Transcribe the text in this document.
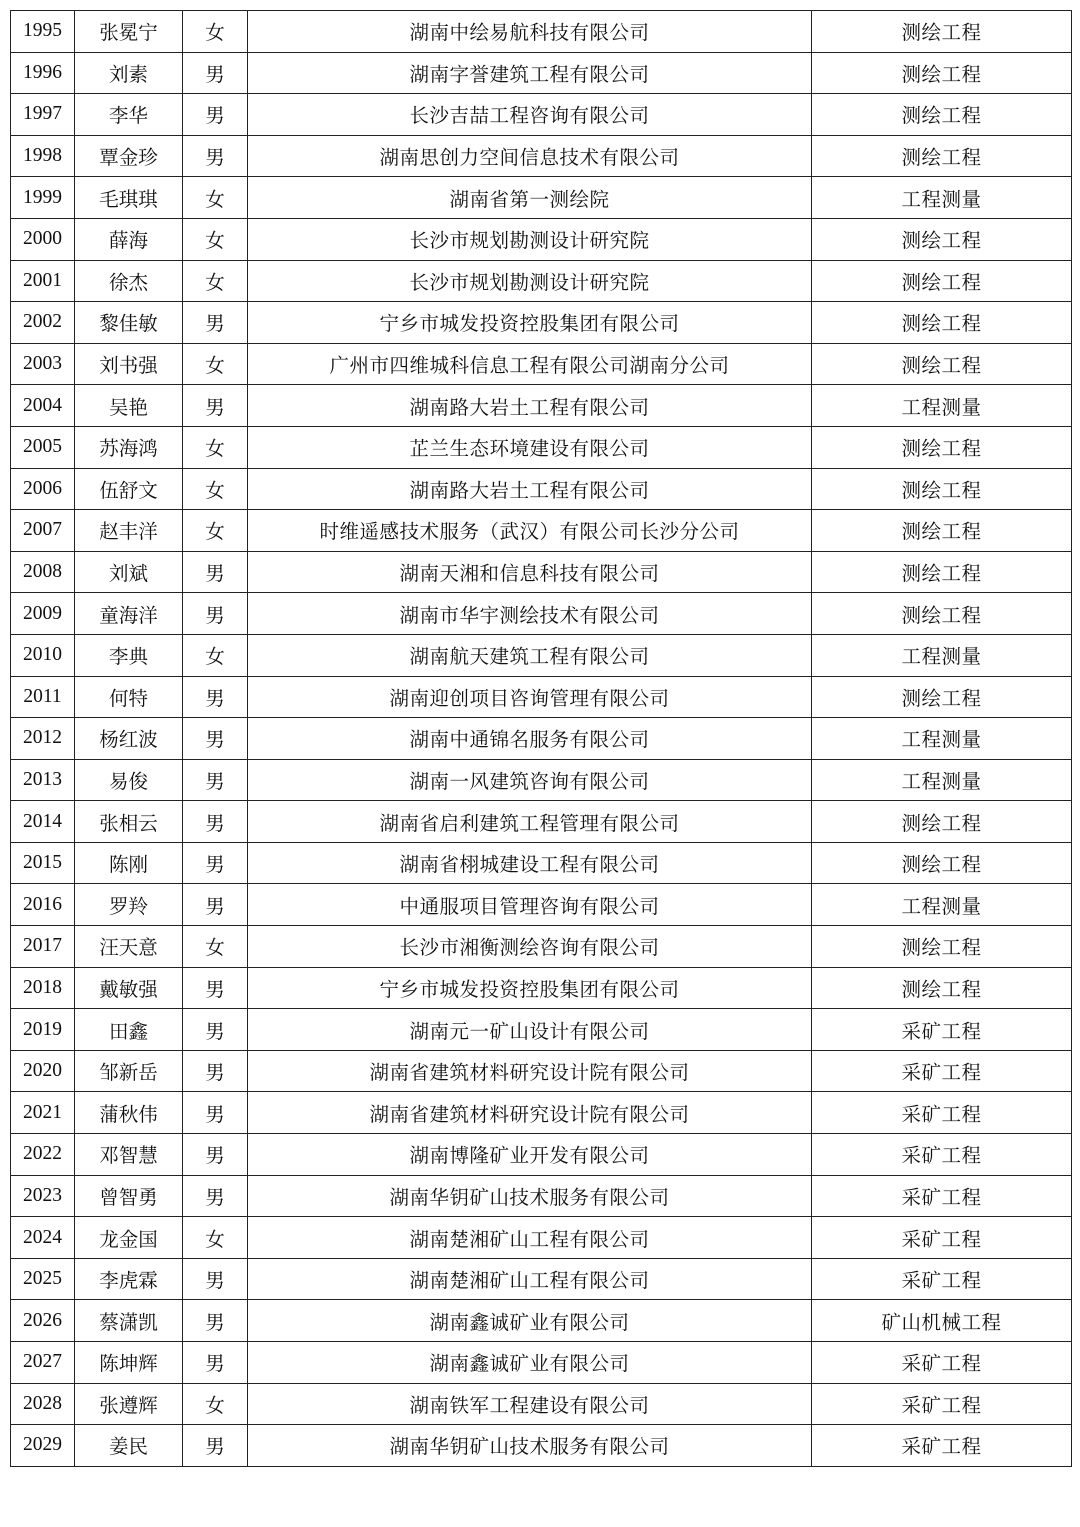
1995	张冕宁	女	湖南中绘易航科技有限公司	测绘工程
1996	刘素	男	湖南字誉建筑工程有限公司	测绘工程
1997	李华	男	长沙吉喆工程咨询有限公司	测绘工程
1998	覃金珍	男	湖南思创力空间信息技术有限公司	测绘工程
1999	毛琪琪	女	湖南省第一测绘院	工程测量
2000	薛海	女	长沙市规划勘测设计研究院	测绘工程
2001	徐杰	女	长沙市规划勘测设计研究院	测绘工程
2002	黎佳敏	男	宁乡市城发投资控股集团有限公司	测绘工程
2003	刘书强	女	广州市四维城科信息工程有限公司湖南分公司	测绘工程
2004	吴艳	男	湖南路大岩土工程有限公司	工程测量
2005	苏海鸿	女	芷兰生态环境建设有限公司	测绘工程
2006	伍舒文	女	湖南路大岩土工程有限公司	测绘工程
2007	赵丰洋	女	时维遥感技术服务（武汉）有限公司长沙分公司	测绘工程
2008	刘斌	男	湖南天湘和信息科技有限公司	测绘工程
2009	童海洋	男	湖南市华宇测绘技术有限公司	测绘工程
2010	李典	女	湖南航天建筑工程有限公司	工程测量
2011	何特	男	湖南迎创项目咨询管理有限公司	测绘工程
2012	杨红波	男	湖南中通锦名服务有限公司	工程测量
2013	易俊	男	湖南一风建筑咨询有限公司	工程测量
2014	张相云	男	湖南省启利建筑工程管理有限公司	测绘工程
2015	陈刚	男	湖南省栩城建设工程有限公司	测绘工程
2016	罗羚	男	中通服项目管理咨询有限公司	工程测量
2017	汪天意	女	长沙市湘衡测绘咨询有限公司	测绘工程
2018	戴敏强	男	宁乡市城发投资控股集团有限公司	测绘工程
2019	田鑫	男	湖南元一矿山设计有限公司	采矿工程
2020	邹新岳	男	湖南省建筑材料研究设计院有限公司	采矿工程
2021	蒲秋伟	男	湖南省建筑材料研究设计院有限公司	采矿工程
2022	邓智慧	男	湖南博隆矿业开发有限公司	采矿工程
2023	曾智勇	男	湖南华钥矿山技术服务有限公司	采矿工程
2024	龙金国	女	湖南楚湘矿山工程有限公司	采矿工程
2025	李虎霖	男	湖南楚湘矿山工程有限公司	采矿工程
2026	蔡潇凯	男	湖南鑫诚矿业有限公司	矿山机械工程
2027	陈坤辉	男	湖南鑫诚矿业有限公司	采矿工程
2028	张遵辉	女	湖南铁军工程建设有限公司	采矿工程
2029	姜民	男	湖南华钥矿山技术服务有限公司	采矿工程
